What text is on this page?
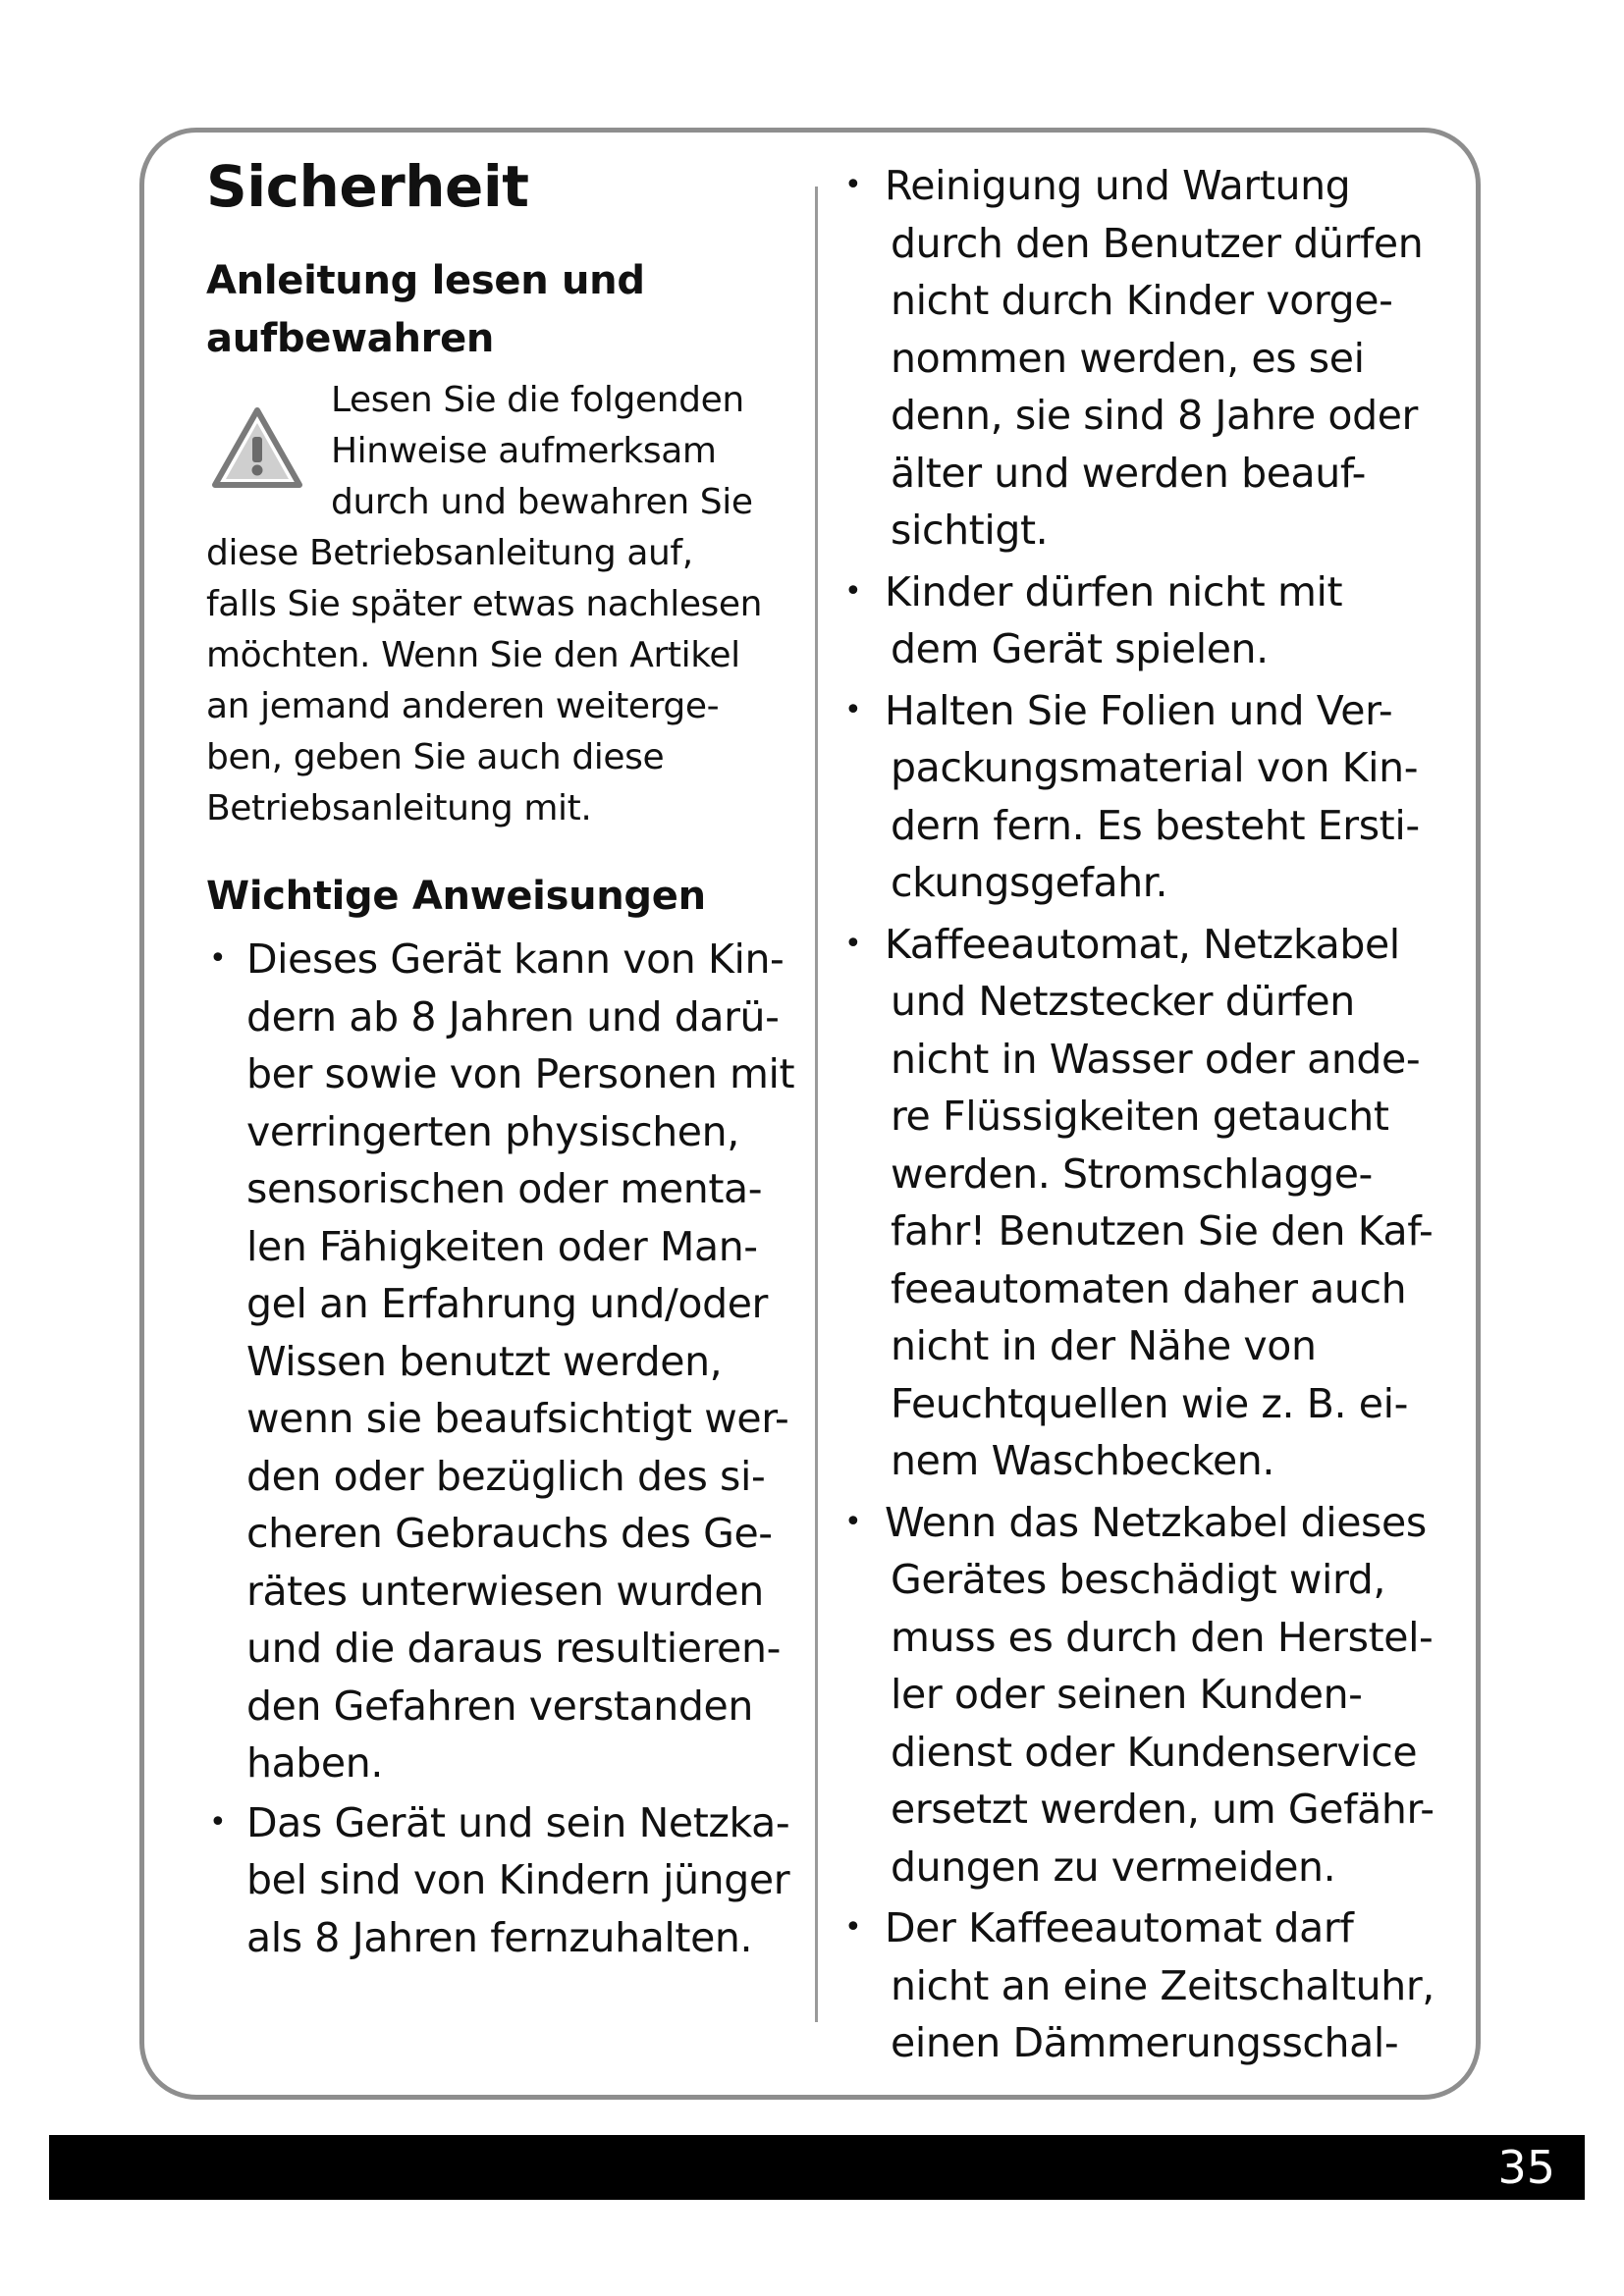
Sicherheit
Anleitung lesen und
aufbewahren
Lesen Sie die folgenden
Hinweise aufmerksam
durch und bewahren Sie
diese Betriebsanleitung auf,
falls Sie später etwas nachlesen
möchten. Wenn Sie den Artikel
an jemand anderen weiterge-
ben, geben Sie auch diese
Betriebsanleitung mit.
Wichtige Anweisungen
• Dieses Gerät kann von Kin-
dern ab 8 Jahren und darü-
ber sowie von Personen mit
verringerten physischen,
sensorischen oder menta-
len Fähigkeiten oder Man-
gel an Erfahrung und/oder
Wissen benutzt werden,
wenn sie beaufsichtigt wer-
den oder bezüglich des si-
cheren Gebrauchs des Ge-
rätes unterwiesen wurden
und die daraus resultieren-
den Gefahren verstanden
haben.
• Das Gerät und sein Netzka-
bel sind von Kindern jünger
als 8 Jahren fernzuhalten.
• Reinigung und Wartung
durch den Benutzer dürfen
nicht durch Kinder vorge-
nommen werden, es sei
denn, sie sind 8 Jahre oder
älter und werden beauf-
sichtigt.
• Kinder dürfen nicht mit
dem Gerät spielen.
• Halten Sie Folien und Ver-
packungsmaterial von Kin-
dern fern. Es besteht Ersti-
ckungsgefahr.
• Kaffeeautomat, Netzkabel
und Netzstecker dürfen
nicht in Wasser oder ande-
re Flüssigkeiten getaucht
werden. Stromschlagge-
fahr! Benutzen Sie den Kaf-
feeautomaten daher auch
nicht in der Nähe von
Feuchtquellen wie z. B. ei-
nem Waschbecken.
• Wenn das Netzkabel dieses
Gerätes beschädigt wird,
muss es durch den Herstel-
ler oder seinen Kunden-
dienst oder Kundenservice
ersetzt werden, um Gefähr-
dungen zu vermeiden.
• Der Kaffeeautomat darf
nicht an eine Zeitschaltuhr,
einen Dämmerungsschal-
35
